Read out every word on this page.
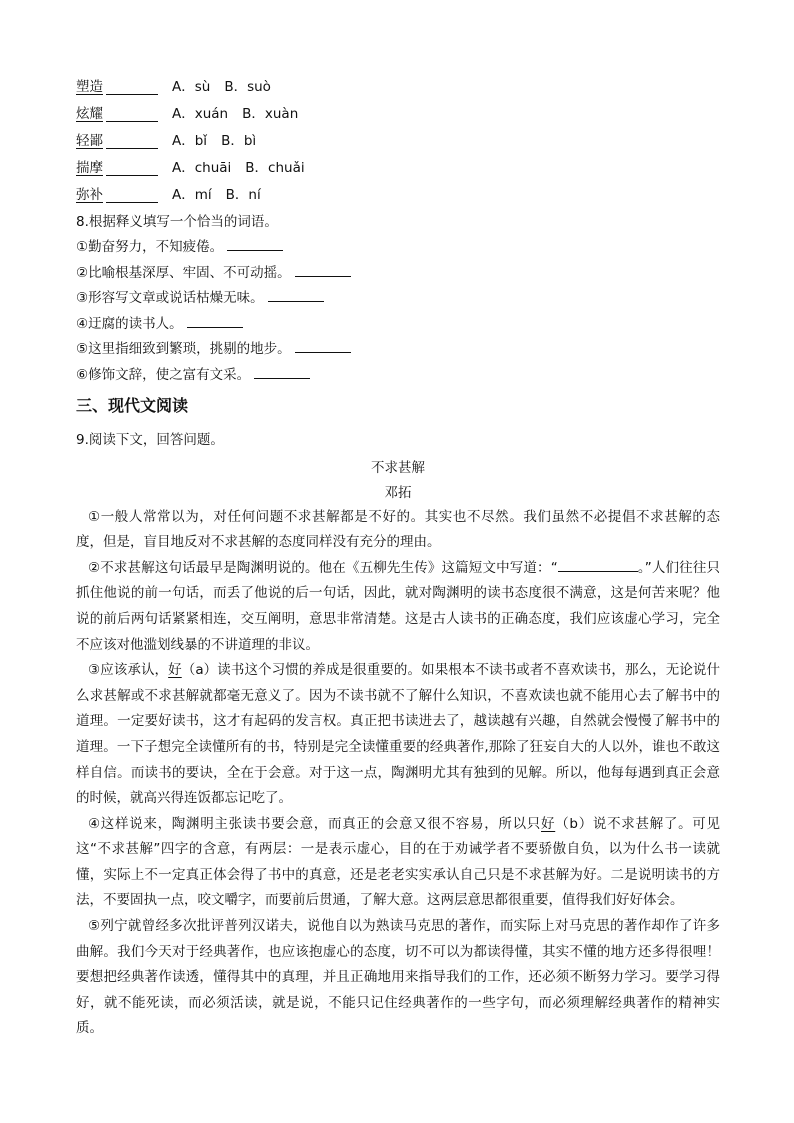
塑造	A．sù B．suò
炫耀	A．xuán B．xuàn
轻鄙	A．bǐ B．bì
揣摩	A．chuāi B．chuǎi
弥补	A．mí B．ní
8.根据释义填写一个恰当的词语。
①勤奋努力，不知疲倦。
②比喻根基深厚、牢固、不可动摇。
③形容写文章或说话枯燥无味。
④迂腐的读书人。
⑤这里指细致到繁琐，挑剔的地步。
⑥修饰文辞，使之富有文采。
三、现代文阅读
9.阅读下文，回答问题。
不求甚解
邓拓

①一般人常常以为，对任何问题不求甚解都是不好的。其实也不尽然。我们虽然不必提倡不求甚解的态度，但是，盲目地反对不求甚解的态度同样没有充分的理由。

②不求甚解这句话最早是陶渊明说的。他在《五柳先生传》这篇短文中写道：“	。”人们往往只抓住他说的前一句话，而丢了他说的后一句话，因此，就对陶渊明的读书态度很不满意，这是何苦来呢？他说的前后两句话紧紧相连，交互阐明，意思非常清楚。这是古人读书的正确态度，我们应该虚心学习，完全不应该对他滥划线暴的不讲道理的非议。

③应该承认，好（a）读书这个习惯的养成是很重要的。如果根本不读书或者不喜欢读书，那么，无论说什么求甚解或不求甚解就都毫无意义了。因为不读书就不了解什么知识，不喜欢读也就不能用心去了解书中的道理。一定要好读书，这才有起码的发言权。真正把书读进去了，越读越有兴趣，自然就会慢慢了解书中的道理。一下子想完全读懂所有的书，特别是完全读懂重要的经典著作,那除了狂妄自大的人以外，谁也不敢这样自信。而读书的要诀，全在于会意。对于这一点，陶渊明尤其有独到的见解。所以，他每每遇到真正会意的时候，就高兴得连饭都忘记吃了。

④这样说来，陶渊明主张读书要会意，而真正的会意又很不容易，所以只好（b）说不求甚解了。可见这“不求甚解”四字的含意，有两层：一是表示虚心，目的在于劝诫学者不要骄傲自负，以为什么书一读就懂，实际上不一定真正体会得了书中的真意，还是老老实实承认自己只是不求甚解为好。二是说明读书的方法，不要固执一点，咬文嚼字，而要前后贯通，了解大意。这两层意思都很重要，值得我们好好体会。

⑤列宁就曾经多次批评普列汉诺夫，说他自以为熟读马克思的著作，而实际上对马克思的著作却作了许多曲解。我们今天对于经典著作，也应该抱虚心的态度，切不可以为都读得懂，其实不懂的地方还多得很哩！要想把经典著作读透，懂得其中的真理，并且正确地用来指导我们的工作，还必须不断努力学习。要学习得好，就不能死读，而必须活读，就是说，不能只记住经典著作的一些字句，而必须理解经典著作的精神实质。
